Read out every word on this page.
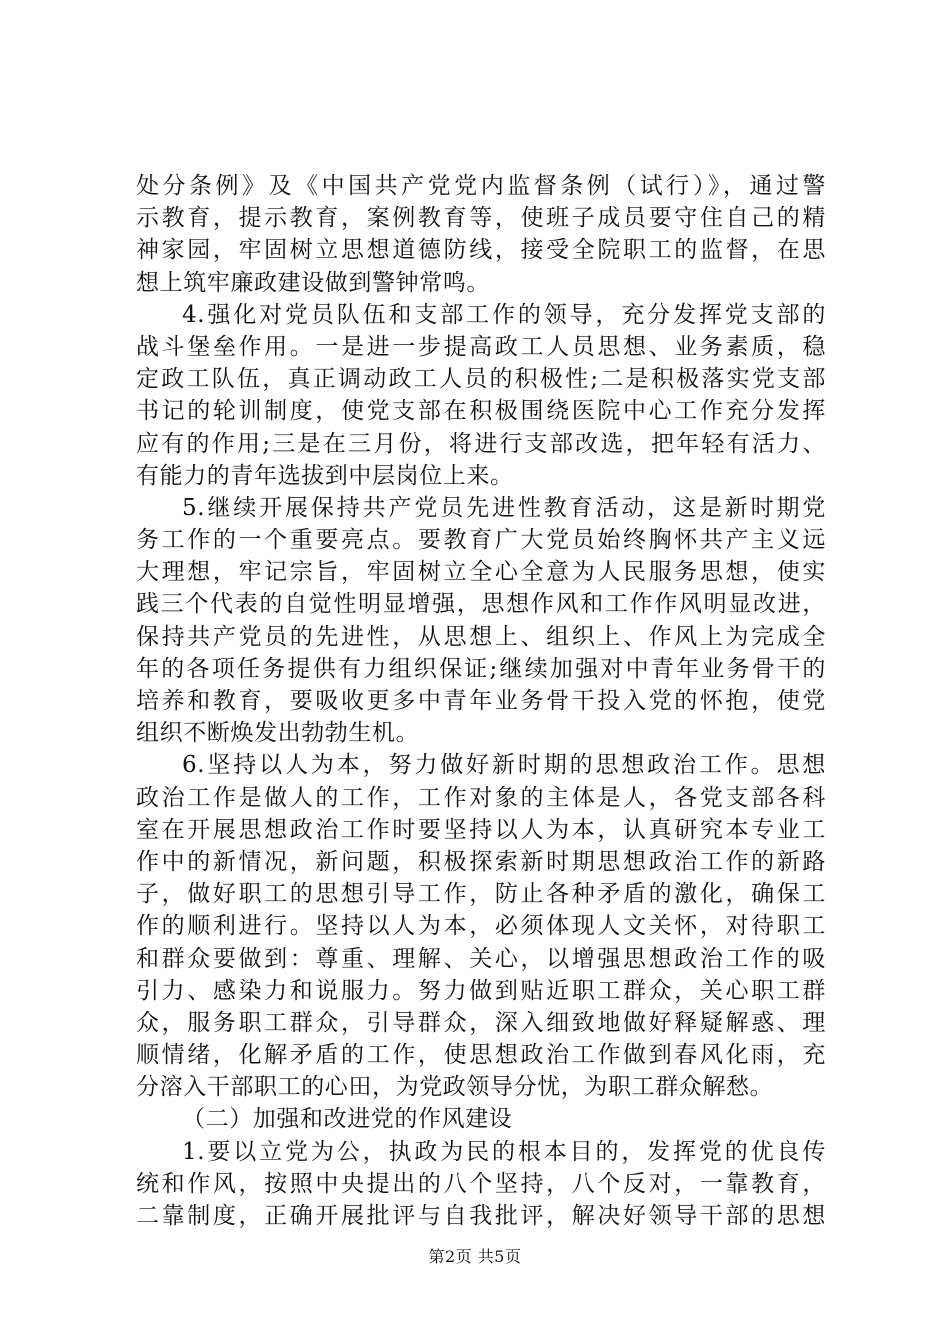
处分条例》及《中国共产党党内监督条例（试行）》，通过警
示教育，提示教育，案例教育等，使班子成员要守住自己的精
神家园，牢固树立思想道德防线，接受全院职工的监督，在思
想上筑牢廉政建设做到警钟常鸣。
4.强化对党员队伍和支部工作的领导，充分发挥党支部的
战斗堡垒作用。一是进一步提高政工人员思想、业务素质，稳
定政工队伍，真正调动政工人员的积极性;二是积极落实党支部
书记的轮训制度，使党支部在积极围绕医院中心工作充分发挥
应有的作用;三是在三月份，将进行支部改选，把年轻有活力、
有能力的青年选拔到中层岗位上来。
5.继续开展保持共产党员先进性教育活动，这是新时期党
务工作的一个重要亮点。要教育广大党员始终胸怀共产主义远
大理想，牢记宗旨，牢固树立全心全意为人民服务思想，使实
践三个代表的自觉性明显增强，思想作风和工作作风明显改进，
保持共产党员的先进性，从思想上、组织上、作风上为完成全
年的各项任务提供有力组织保证;继续加强对中青年业务骨干的
培养和教育，要吸收更多中青年业务骨干投入党的怀抱，使党
组织不断焕发出勃勃生机。
6.坚持以人为本，努力做好新时期的思想政治工作。思想
政治工作是做人的工作，工作对象的主体是人，各党支部各科
室在开展思想政治工作时要坚持以人为本，认真研究本专业工
作中的新情况，新问题，积极探索新时期思想政治工作的新路
子，做好职工的思想引导工作，防止各种矛盾的激化，确保工
作的顺利进行。坚持以人为本，必须体现人文关怀，对待职工
和群众要做到：尊重、理解、关心，以增强思想政治工作的吸
引力、感染力和说服力。努力做到贴近职工群众，关心职工群
众，服务职工群众，引导群众，深入细致地做好释疑解惑、理
顺情绪，化解矛盾的工作，使思想政治工作做到春风化雨，充
分溶入干部职工的心田，为党政领导分忧，为职工群众解愁。
（二）加强和改进党的作风建设
1.要以立党为公，执政为民的根本目的，发挥党的优良传
统和作风，按照中央提出的八个坚持，八个反对，一靠教育，
二靠制度，正确开展批评与自我批评，解决好领导干部的思想
第2页 共5页
